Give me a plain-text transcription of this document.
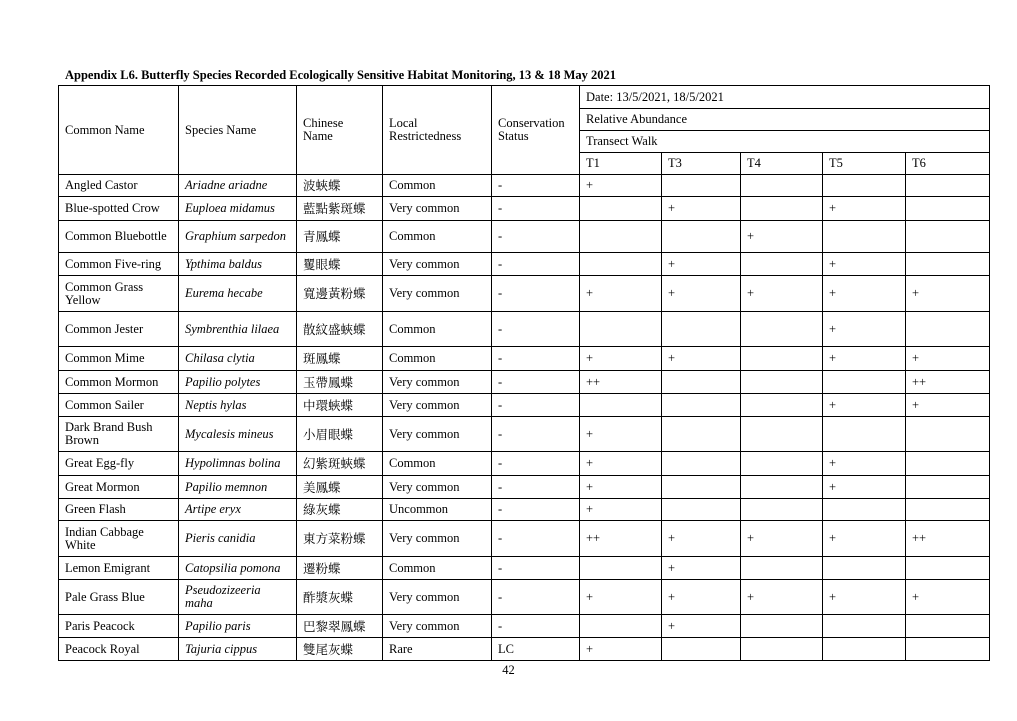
Appendix L6. Butterfly Species Recorded Ecologically Sensitive Habitat Monitoring, 13 & 18 May 2021
Common Name	Species Name	Chinese Name	Local Restrictedness	Conservation Status	Date: 13/5/2021, 18/5/2021				
					Relative Abundance				
					Transect Walk				
					T1	T3	T4	T5	T6
Angled Castor	Ariadne ariadne	波蛺蝶	Common	-	+				
Blue-spotted Crow	Euploea midamus	藍點紫斑蝶	Very common	-		+		+	
Common Bluebottle	Graphium sarpedon	青鳳蝶	Common	-			+		
Common Five-ring	Ypthima baldus	矍眼蝶	Very common	-		+		+	
Common Grass Yellow	Eurema hecabe	寬邊黃粉蝶	Very common	-	+	+	+	+	+
Common Jester	Symbrenthia lilaea	散紋盛蛺蝶	Common	-				+	
Common Mime	Chilasa clytia	斑鳳蝶	Common	-	+	+		+	+
Common Mormon	Papilio polytes	玉帶鳳蝶	Very common	-	++				++
Common Sailer	Neptis hylas	中環蛺蝶	Very common	-				+	+
Dark Brand Bush Brown	Mycalesis mineus	小眉眼蝶	Very common	-	+				
Great Egg-fly	Hypolimnas bolina	幻紫斑蛺蝶	Common	-	+			+	
Great Mormon	Papilio memnon	美鳳蝶	Very common	-	+			+	
Green Flash	Artipe eryx	綠灰蝶	Uncommon	-	+				
Indian Cabbage White	Pieris canidia	東方菜粉蝶	Very common	-	++	+	+	+	++
Lemon Emigrant	Catopsilia pomona	遷粉蝶	Common	-		+			
Pale Grass Blue	Pseudozizeeria maha	酢漿灰蝶	Very common	-	+	+	+	+	+
Paris Peacock	Papilio paris	巴黎翠鳳蝶	Very common	-		+			
Peacock Royal	Tajuria cippus	雙尾灰蝶	Rare	LC	+				
42
